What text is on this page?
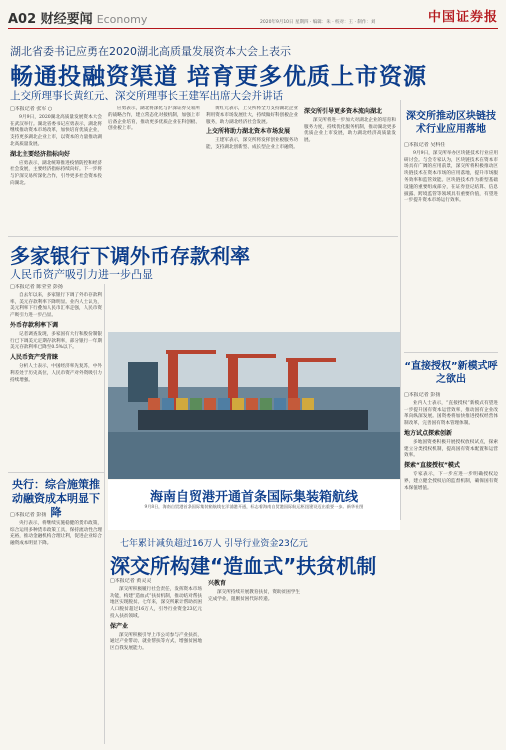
A02 财经要闻 Economy	2020年9月10日 星期四 · 编辑：朱 · 校对：王 · 制作：刘	中国证券报
湖北省委书记应勇在2020湖北高质量发展资本大会上表示
畅通投融资渠道 培育更多优质上市资源
上交所理事长黄红元、深交所理事长王建军出席大会并讲话
□本报记者 张军 ○

9月9日，2020湖北高质量发展资本大会在武汉举行。湖北省委书记应勇表示，湖北将继续推动资本市场改革，加快培育优质企业，支持更多湖北企业上市，以资本的力量推动湖北高质量发展。

湖北主要经济指标向好

应勇表示，湖北统筹推进疫情防控和经济社会发展，主要经济指标持续向好。下一步将与沪深交易所深化合作，引导更多社会资本投向湖北。

应勇表示，湖北将深化与沪深证券交易所的战略合作，建立常态化对接机制，加强上市后备企业培育，推动更多优质企业在科创板、创业板上市。

黄红元表示，上交所将全力支持湖北企业利用资本市场发展壮大，持续做好科创板企业服务，助力湖北经济社会发展。

上交所将助力湖北资本市场发展

王建军表示，深交所将发挥创业板服务功能，支持湖北创新型、成长型企业上市融资。

深交所引导更多资本流向湖北

深交所将进一步加大对湖北企业的培育和服务力度，持续优化服务机制，推动湖北更多优质企业上市发展，助力湖北经济高质量发展。

深交所推动区块链技术行业应用落地
□本报记者 吴科任

9月9日，深交所举办区块链技术行业应用研讨会。与会专家认为，区块链技术在资本市场具有广阔的应用前景，深交所将积极推动区块链技术在资本市场的应用落地，提升市场服务效率和监管效能。区块链技术作为新型基础设施的重要组成部分，在证券登记结算、信息披露、跨境监管等领域具有重要价值，有望进一步提升资本市场运行效率。

多家银行下调外币存款利率
人民币资产吸引力进一步凸显
□本报记者 陈莹莹 彭扬

自去年以来，多家银行下调了外币存款利率，美元存款利率下降明显。业内人士认为，美元利率下行叠加人民币汇率走强，人民币资产吸引力进一步凸显。

外币存款利率下调

记者调查发现，多家国有大行和股份制银行已下调美元定期存款利率，部分银行一年期美元存款利率已降至0.5%以下。

人民币资产受青睐

分析人士表示，中国经济率先复苏，中外利差处于历史高位，人民币资产对外资吸引力持续增强。

海南自贸港开通首条国际集装箱航线
9月8日，海南自贸港首条国际集装箱航线在洋浦港开通，标志着海南自贸港国际航运枢纽建设迈出重要一步。新华社图
“直接授权”新模式呼之欲出
□本报记者 彭扬

业内人士表示，“直接授权”新模式有望进一步提升国有资本运营效率，推动国有企业改革向纵深发展。国资委将加快推进授权经营体制改革，完善国有资本管理体制。

地方试点探索创新

多地国资委积极开展授权放权试点，探索建立分类授权机制，提高国有资本配置和运营效率。

探索“直接授权”模式

专家表示，下一步应进一步明确授权边界，建立健全授权后的监督机制，确保国有资本保值增值。

央行：综合施策推动融资成本明显下降
□本报记者 彭扬

央行表示，将继续实施稳健的货币政策，综合运用多种货币政策工具，保持流动性合理充裕，推动金融机构合理让利，促进企业综合融资成本明显下降。	七年累计减负超过16万人 引导行业资金23亿元
深交所构建“造血式”扶贫机制
□本报记者 黄灵灵

深交所积极履行社会责任，发挥资本市场功能，构建“造血式”扶贫机制，推动结对帮扶地区实现脱贫。七年来，深交所累计帮助贫困人口脱贫超过16万人，引导行业资金23亿元投入扶贫领域。

保产业

深交所积极引导上市公司参与产业扶贫，通过产业带动、就业帮扶等方式，增强贫困地区自我发展能力。

兴教育

深交所持续开展教育扶贫，资助贫困学生完成学业，阻断贫困代际传递。
